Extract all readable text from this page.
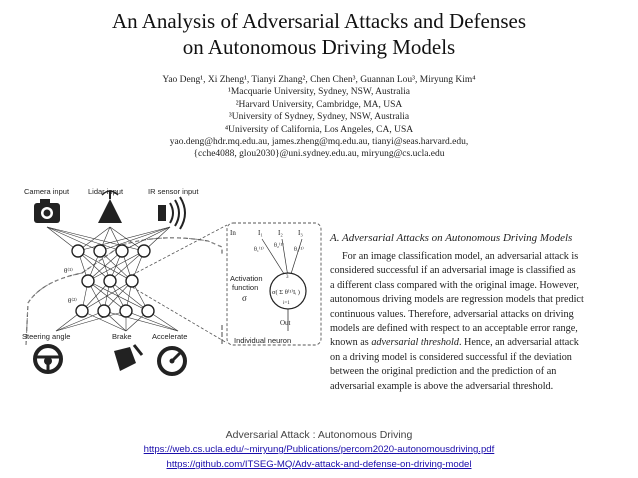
An Analysis of Adversarial Attacks and Defenses
on Autonomous Driving Models
Yao Deng¹, Xi Zheng¹, Tianyi Zhang², Chen Chen³, Guannan Lou³, Miryung Kim⁴
¹Macquarie University, Sydney, NSW, Australia
²Harvard University, Cambridge, MA, USA
³University of Sydney, Sydney, NSW, Australia
⁴University of California, Los Angeles, CA, USA
yao.deng@hdr.mq.edu.au, james.zheng@mq.edu.au, tianyi@seas.harvard.edu,
{cche4088, glou2030}@uni.sydney.edu.au, miryung@cs.ucla.edu
Camera input	Lidar input	IR sensor input
θ⁽¹⁾
θ⁽²⁾
Steering angle	Brake	Accelerate
In	I₁ I₂ I₃
θ₁⁽¹⁾
θ₂⁽¹⁾
θ₃⁽¹⁾
3
σ( Σ θ⁽¹⁾Iᵢ )
i=1
Activation
function
σ
Out
Individual neuron
A. Adversarial Attacks on Autonomous Driving Models
For an image classification model, an adversarial attack is
considered successful if an adversarial image is classified as
a different class compared with the original image. However,
autonomous driving models are regression models that predict
continuous values. Therefore, adversarial attacks on driving
models are defined with respect to an acceptable error range,
known as adversarial threshold. Hence, an adversarial attack
on a driving model is considered successful if the deviation
between the original prediction and the prediction of an
adversarial example is above the adversarial threshold.
Adversarial Attack : Autonomous Driving
https://web.cs.ucla.edu/~miryung/Publications/percom2020-autonomousdriving.pdf
https://github.com/ITSEG-MQ/Adv-attack-and-defense-on-driving-model
